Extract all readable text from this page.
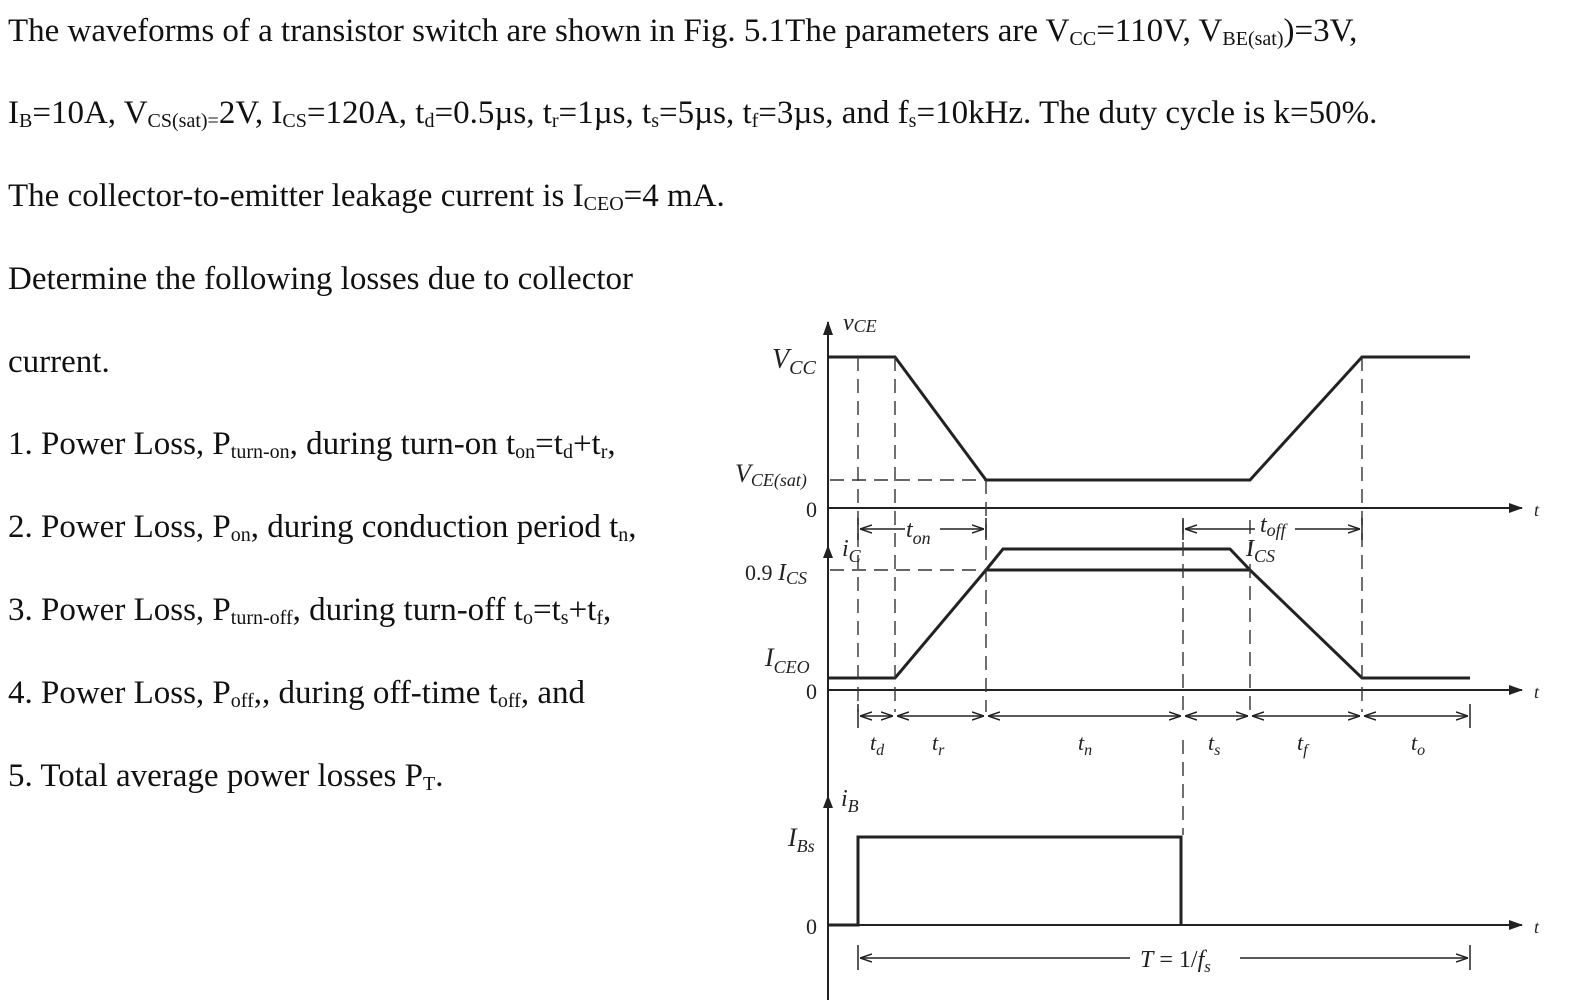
The waveforms of a transistor switch are shown in Fig. 5.1The parameters are $V_{CC}=110V$, $V_{BE(sat)})=3V$,
$I_B=10A$, $V_{CS(sat)=}2V$, $I_{CS}=120A$, $t_d=0.5\mu s$, $t_r=1\mu s$, $t_s=5\mu s$, $t_f=3\mu s$, and $f_s=10kHz$. The duty cycle is k=50%.
The collector-to-emitter leakage current is $I_{CEO}=4$ mA.
Determine the following losses due to collector
current.
1. Power Loss, $P_{turn-on}$, during turn-on $t_{on}=t_d+t_r$,
2. Power Loss, $P_{on}$, during conduction period $t_n$,
3. Power Loss, $P_{turn-off}$, during turn-off $t_o=t_s+t_f$,
4. Power Loss, $P_{off}$,, during off-time $t_{off}$, and
5. Total average power losses $P_T$.
vCE
$V_{CC}$
VCE(sat)
0	t
$t_{on}$	toff
$i_C$	$I_{CS}$
0.9 ICS
$I_{CEO}$
0	t
$t_d$ $t_r$	$t_n$	$t_s$	$t_f$	$t_o$
$i_B$
$I_{Bs}$
0	t
$T = 1/f_s$
